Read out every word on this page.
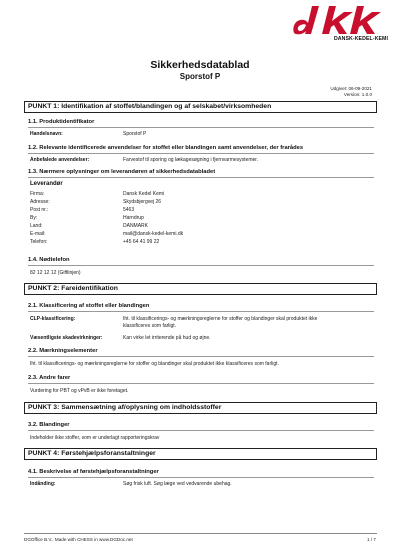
DANSK-KEDEL-KEMI
Sikkerhedsdatablad
Sporstof P
Udgivet: 06-09-2021
Version: 1.0.0
PUNKT 1: Identifikation af stoffet/blandingen og af selskabet/virksomheden
1.1. Produktidentifikator
Handelsnavn:	Sporstof P
1.2. Relevante identificerede anvendelser for stoffet eller blandingen samt anvendelser, der frarådes
Anbefalede anvendelser:	Farvestof til sporing og lækagesøgning i fjernvarmesystemer.
1.3. Nærmere oplysninger om leverandøren af sikkerhedsdatabladet
Leverandør
Firma:	Dansk Kedel Kemi
Adresse:	Skydsbjergvej 26
Post nr.:	5463
By:	Harndrup
Land:	DANMARK
E-mail:	mail@dansk-kedel-kemi.dk
Telefon:	+45 64 41 99 22
1.4. Nødtelefon
82 12 12 12 (Giftlinjen)
PUNKT 2: Fareidentifikation
2.1. Klassificering af stoffet eller blandingen
CLP-klassificering:	Iht. til klassificerings- og mærkningsreglerne for stoffer og blandinger skal produktet ikke
klassificeres som farligt.
Væsentligste skadevirkninger:	Kan virke let irriterende på hud og øjne.
2.2. Mærkningselementer
Iht. til klassificerings- og mærkningsreglerne for stoffer og blandinger skal produktet ikke klassificeres som farligt.
2.3. Andre farer
Vurdering for PBT og vPvB er ikke foretaget.
PUNKT 3: Sammensætning af/oplysning om indholdsstoffer
3.2. Blandinger
Indeholder ikke stoffer, som er underlagt rapporteringskrav
PUNKT 4: Førstehjælpsforanstaltninger
4.1. Beskrivelse af førstehjælpsforanstaltninger
Indånding:	Søg frisk luft. Søg læge ved vedvarende ubehag.
DGOffice B.V., Made with CHESS in www.DGDoc.net	1 / 7
